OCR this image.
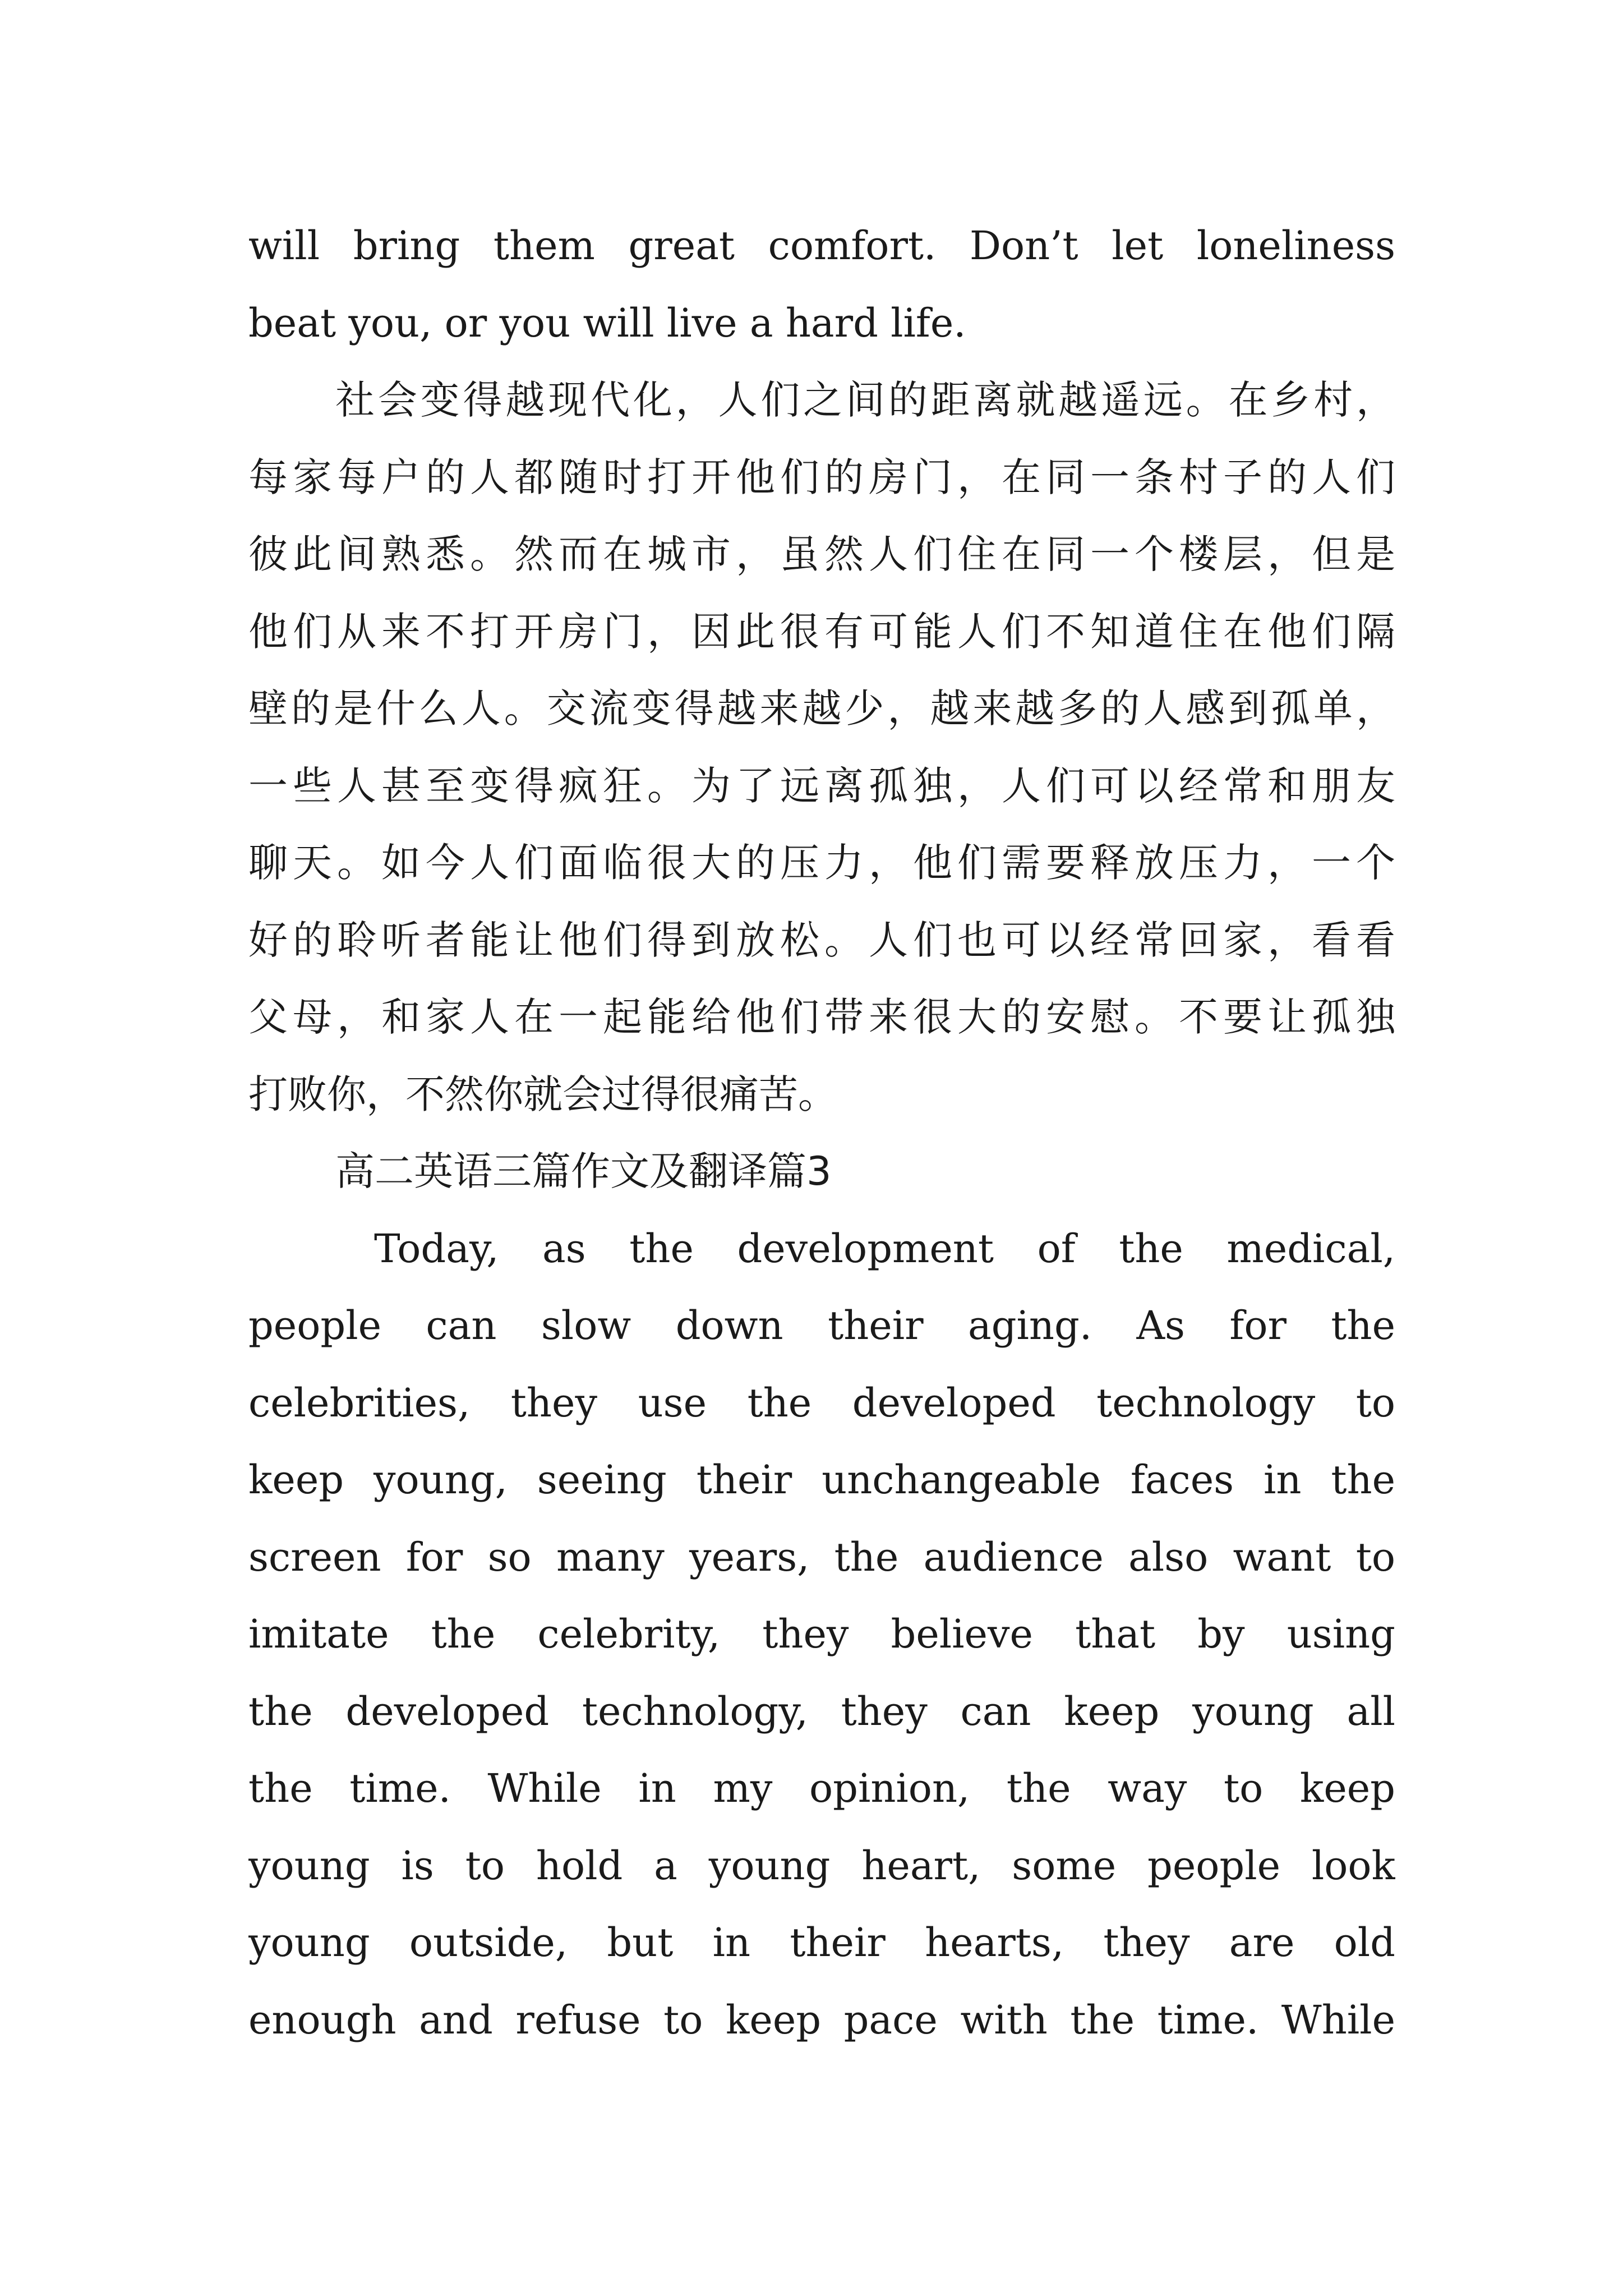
will bring them great comfort. Don’t let loneliness
beat you, or you will live a hard life.
社会变得越现代化，人们之间的距离就越遥远。在乡村，
每家每户的人都随时打开他们的房门，在同一条村子的人们
彼此间熟悉。然而在城市，虽然人们住在同一个楼层，但是
他们从来不打开房门，因此很有可能人们不知道住在他们隔
壁的是什么人。交流变得越来越少，越来越多的人感到孤单，
一些人甚至变得疯狂。为了远离孤独，人们可以经常和朋友
聊天。如今人们面临很大的压力，他们需要释放压力，一个
好的聆听者能让他们得到放松。人们也可以经常回家，看看
父母，和家人在一起能给他们带来很大的安慰。不要让孤独
打败你，不然你就会过得很痛苦。
高二英语三篇作文及翻译篇3
Today, as the development of the medical,
people can slow down their aging. As for the
celebrities, they use the developed technology to
keep young, seeing their unchangeable faces in the
screen for so many years, the audience also want to
imitate the celebrity, they believe that by using
the developed technology, they can keep young all
the time. While in my opinion, the way to keep
young is to hold a young heart, some people look
young outside, but in their hearts, they are old
enough and refuse to keep pace with the time. While
